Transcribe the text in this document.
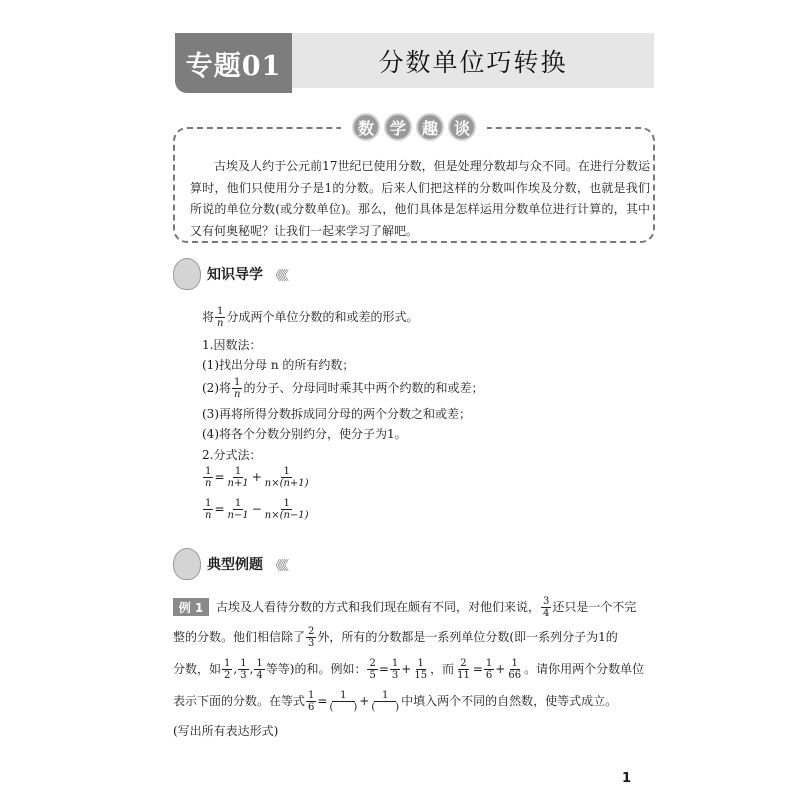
专题01	分数单位巧转换
数 学 趣 谈
古埃及人约于公元前17世纪已使用分数，但是处理分数却与众不同。在进行分数运算时，他们只使用分子是1的分数。后来人们把这样的分数叫作埃及分数，也就是我们所说的单位分数(或分数单位)。那么，他们具体是怎样运用分数单位进行计算的，其中又有何奥秘呢？让我们一起来学习了解吧。
知识导学 《《《
将 $\frac{1}{n}$ 分成两个单位分数的和或差的形式。
1.因数法：
(1)找出分母 n 的所有约数；
(2)将 $\frac{1}{n}$ 的分子、分母同时乘其中两个约数的和或差；
(3)再将所得分数拆成同分母的两个分数之和或差；
(4)将各个分数分别约分，使分子为1。
2.分式法：
$\frac{1}{n} = \frac{1}{n+1} + \frac{1}{n\times(n+1)}$
$\frac{1}{n} = \frac{1}{n-1} - \frac{1}{n\times(n-1)}$
典型例题 《《《
例 1	古埃及人看待分数的方式和我们现在颇有不同，对他们来说， $\frac{3}{4}$ 还只是一个不完
整的分数。他们相信除了 $\frac{2}{3}$ 外，所有的分数都是一系列单位分数(即一系列分子为1的
分数，如 $\frac{1}{2}$ , $\frac{1}{3}$ , $\frac{1}{4}$ 等等)的和。例如： $\frac{2}{5} = \frac{1}{3} + \frac{1}{15}$ ，而 $\frac{2}{11} = \frac{1}{6} + \frac{1}{66}$ 。请你用两个分数单位
表示下面的分数。在等式 $\frac{1}{6} = \frac{1}{( )} + \frac{1}{( )}$ 中填入两个不同的自然数，使等式成立。
(写出所有表达形式)
1
